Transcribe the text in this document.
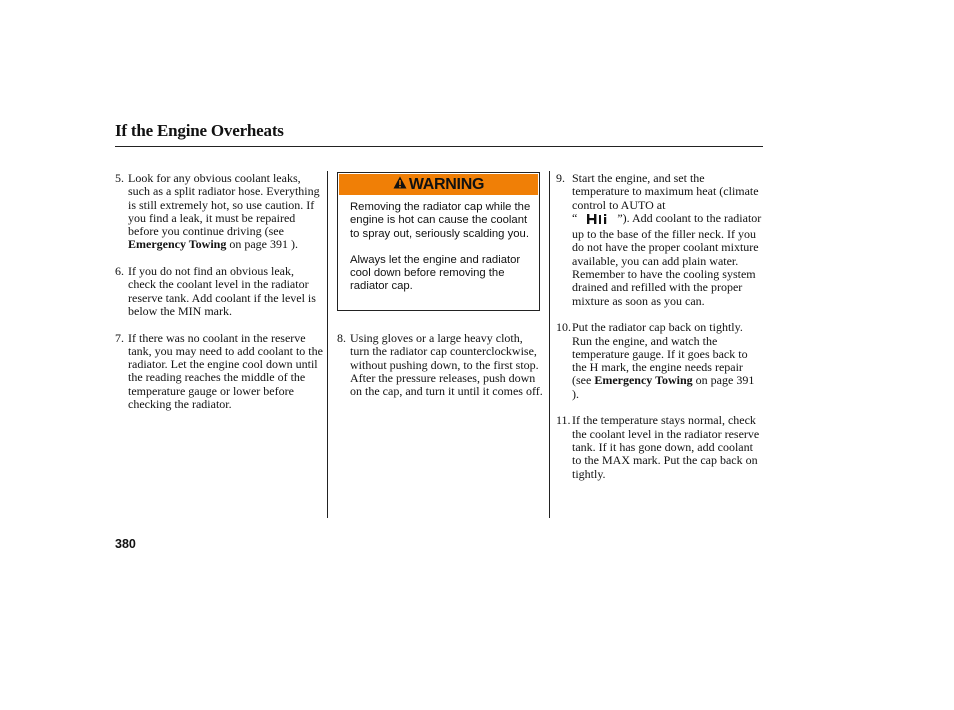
If the Engine Overheats

5. Look for any obvious coolant leaks, such as a split radiator hose. Everything is still extremely hot, so use caution. If you find a leak, it must be repaired before you continue driving (see Emergency Towing on page 391 ).

6. If you do not find an obvious leak, check the coolant level in the radiator reserve tank. Add coolant if the level is below the MIN mark.

7. If there was no coolant in the reserve tank, you may need to add coolant to the radiator. Let the engine cool down until the reading reaches the middle of the temperature gauge or lower before checking the radiator.

WARNING

Removing the radiator cap while the engine is hot can cause the coolant to spray out, seriously scalding you.

Always let the engine and radiator cool down before removing the radiator cap.

8. Using gloves or a large heavy cloth, turn the radiator cap counterclockwise, without pushing down, to the first stop. After the pressure releases, push down on the cap, and turn it until it comes off.

9. Start the engine, and set the temperature to maximum heat (climate control to AUTO at
“	”). Add coolant to the radiator up to the base of the filler neck. If you do not have the proper coolant mixture available, you can add plain water. Remember to have the cooling system drained and refilled with the proper mixture as soon as you can.

10. Put the radiator cap back on tightly. Run the engine, and watch the temperature gauge. If it goes back to the H mark, the engine needs repair (see Emergency Towing on page 391 ).

11. If the temperature stays normal, check the coolant level in the radiator reserve tank. If it has gone down, add coolant to the MAX mark. Put the cap back on tightly.

380
